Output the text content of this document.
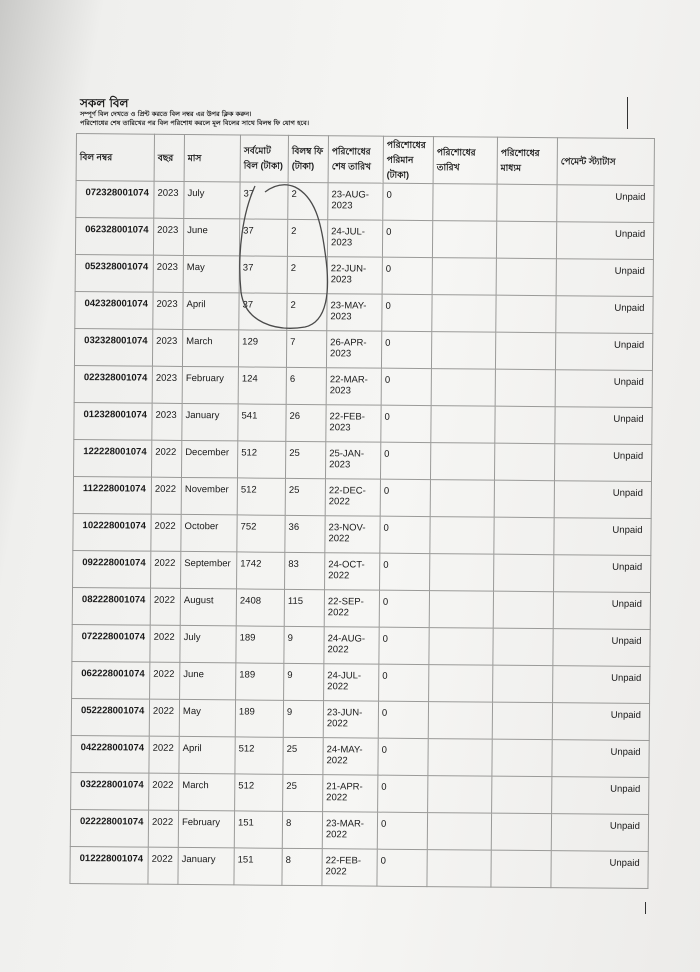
সকল বিল
সম্পূর্ণ বিল দেখতে ও প্রিন্ট করতে বিল নম্বর এর উপর ক্লিক করুন।
পরিশোধের শেষ তারিখের পর বিল পরিশোধ করলে মূল বিলের সাথে বিলম্ব ফি যোগ হবে।
বিল নম্বর	বছর	মাস	সর্বমোট বিল (টাকা)	বিলম্ব ফি (টাকা)	পরিশোধের শেষ তারিখ	পরিশোধের পরিমান (টাকা)	পরিশোধের তারিখ	পরিশোধের মাধ্যম	পেমেন্ট স্ট্যাটাস
072328001074	2023	July	37	2	23-AUG-2023	0			Unpaid
062328001074	2023	June	37	2	24-JUL-2023	0			Unpaid
052328001074	2023	May	37	2	22-JUN-2023	0			Unpaid
042328001074	2023	April	37	2	23-MAY-2023	0			Unpaid
032328001074	2023	March	129	7	26-APR-2023	0			Unpaid
022328001074	2023	February	124	6	22-MAR-2023	0			Unpaid
012328001074	2023	January	541	26	22-FEB-2023	0			Unpaid
122228001074	2022	December	512	25	25-JAN-2023	0			Unpaid
112228001074	2022	November	512	25	22-DEC-2022	0			Unpaid
102228001074	2022	October	752	36	23-NOV-2022	0			Unpaid
092228001074	2022	September	1742	83	24-OCT-2022	0			Unpaid
082228001074	2022	August	2408	115	22-SEP-2022	0			Unpaid
072228001074	2022	July	189	9	24-AUG-2022	0			Unpaid
062228001074	2022	June	189	9	24-JUL-2022	0			Unpaid
052228001074	2022	May	189	9	23-JUN-2022	0			Unpaid
042228001074	2022	April	512	25	24-MAY-2022	0			Unpaid
032228001074	2022	March	512	25	21-APR-2022	0			Unpaid
022228001074	2022	February	151	8	23-MAR-2022	0			Unpaid
012228001074	2022	January	151	8	22-FEB-2022	0			Unpaid
